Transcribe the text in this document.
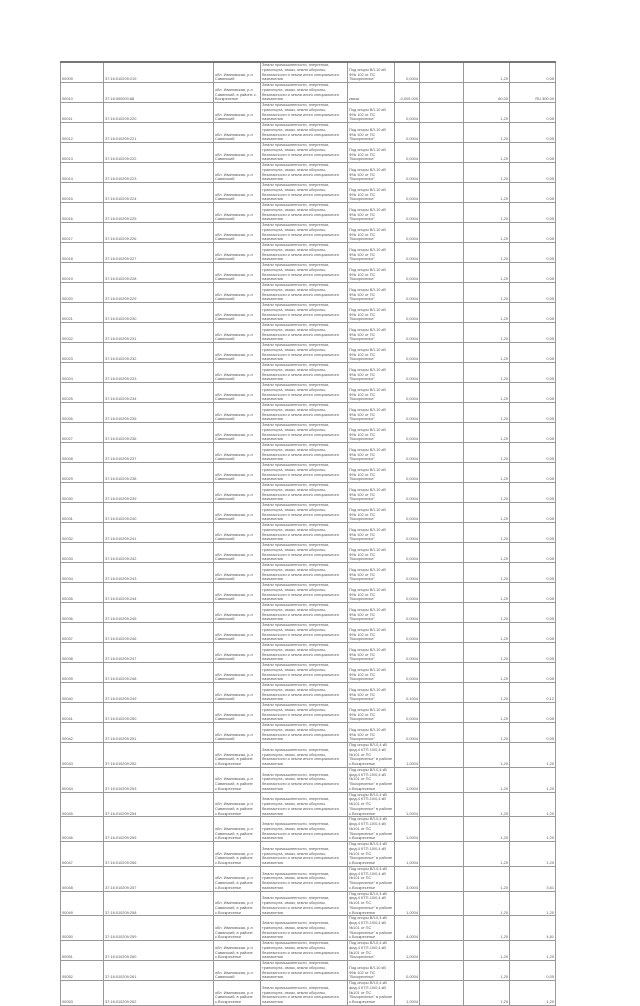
00009	37:16:010209:219	обл. Ивановская, р-н Савинский	Земли промышленности, энергетики, транспорта, связи, земли обороны, безопасности и земли иного специального назначения	Под опоры ВЛ-10 кВ Ф№ 102 от ПС "Воскресенье"	0,0004		1,20	0,05
00010	37:16:000000:88	обл. Ивановская, р-н Савинский, в районе с. Воскресенье	Земли промышленности, энергетики, транспорта, связи, земли обороны, безопасности и земли иного специального назначения	связи	-0,005 000		60,00	RU 300 00
00011	37:16:010209:220	обл. Ивановская, р-н Савинский	Земли промышленности, энергетики, транспорта, связи, земли обороны, безопасности и земли иного специального назначения	Под опоры ВЛ-10 кВ Ф№ 102 от ПС "Воскресенье"	0,0004		1,20	0,05
00012	37:16:010209:221	обл. Ивановская, р-н Савинский	Земли промышленности, энергетики, транспорта, связи, земли обороны, безопасности и земли иного специального назначения	Под опоры ВЛ-10 кВ Ф№ 102 от ПС "Воскресенье"	0,0004		1,20	0,05
00013	37:16:010209:222	обл. Ивановская, р-н Савинский	Земли промышленности, энергетики, транспорта, связи, земли обороны, безопасности и земли иного специального назначения	Под опоры ВЛ-10 кВ Ф№ 102 от ПС "Воскресенье"	0,0004		1,20	0,05
00014	37:16:010209:223	обл. Ивановская, р-н Савинский	Земли промышленности, энергетики, транспорта, связи, земли обороны, безопасности и земли иного специального назначения	Под опоры ВЛ-10 кВ Ф№ 102 от ПС "Воскресенье"	0,0004		1,20	0,05
00015	37:16:010209:224	обл. Ивановская, р-н Савинский	Земли промышленности, энергетики, транспорта, связи, земли обороны, безопасности и земли иного специального назначения	Под опоры ВЛ-10 кВ Ф№ 102 от ПС "Воскресенье"	0,0004		1,20	0,05
00016	37:16:010209:225	обл. Ивановская, р-н Савинский	Земли промышленности, энергетики, транспорта, связи, земли обороны, безопасности и земли иного специального назначения	Под опоры ВЛ-10 кВ Ф№ 102 от ПС "Воскресенье"	0,0004		1,20	0,05
00017	37:16:010209:226	обл. Ивановская, р-н Савинский	Земли промышленности, энергетики, транспорта, связи, земли обороны, безопасности и земли иного специального назначения	Под опоры ВЛ-10 кВ Ф№ 102 от ПС "Воскресенье"	0,0004		1,20	0,05
00018	37:16:010209:227	обл. Ивановская, р-н Савинский	Земли промышленности, энергетики, транспорта, связи, земли обороны, безопасности и земли иного специального назначения	Под опоры ВЛ-10 кВ Ф№ 102 от ПС "Воскресенье"	0,0004		1,20	0,05
00019	37:16:010209:228	обл. Ивановская, р-н Савинский	Земли промышленности, энергетики, транспорта, связи, земли обороны, безопасности и земли иного специального назначения	Под опоры ВЛ-10 кВ Ф№ 102 от ПС "Воскресенье"	0,0004		1,20	0,05
00020	37:16:010209:229	обл. Ивановская, р-н Савинский	Земли промышленности, энергетики, транспорта, связи, земли обороны, безопасности и земли иного специального назначения	Под опоры ВЛ-10 кВ Ф№ 102 от ПС "Воскресенье"	0,0004		1,20	0,05
00021	37:16:010209:230	обл. Ивановская, р-н Савинский	Земли промышленности, энергетики, транспорта, связи, земли обороны, безопасности и земли иного специального назначения	Под опоры ВЛ-10 кВ Ф№ 102 от ПС "Воскресенье"	0,0004		1,20	0,05
00022	37:16:010209:231	обл. Ивановская, р-н Савинский	Земли промышленности, энергетики, транспорта, связи, земли обороны, безопасности и земли иного специального назначения	Под опоры ВЛ-10 кВ Ф№ 102 от ПС "Воскресенье"	0,0004		1,20	0,05
00023	37:16:010209:232	обл. Ивановская, р-н Савинский	Земли промышленности, энергетики, транспорта, связи, земли обороны, безопасности и земли иного специального назначения	Под опоры ВЛ-10 кВ Ф№ 102 от ПС "Воскресенье"	0,0004		1,20	0,05
00024	37:16:010209:233	обл. Ивановская, р-н Савинский	Земли промышленности, энергетики, транспорта, связи, земли обороны, безопасности и земли иного специального назначения	Под опоры ВЛ-10 кВ Ф№ 102 от ПС "Воскресенье"	0,0004		1,20	0,05
00025	37:16:010209:234	обл. Ивановская, р-н Савинский	Земли промышленности, энергетики, транспорта, связи, земли обороны, безопасности и земли иного специального назначения	Под опоры ВЛ-10 кВ Ф№ 102 от ПС "Воскресенье"	0,0004		1,20	0,05
00026	37:16:010209:235	обл. Ивановская, р-н Савинский	Земли промышленности, энергетики, транспорта, связи, земли обороны, безопасности и земли иного специального назначения	Под опоры ВЛ-10 кВ Ф№ 102 от ПС "Воскресенье"	0,0004		1,20	0,05
00027	37:16:010209:236	обл. Ивановская, р-н Савинский	Земли промышленности, энергетики, транспорта, связи, земли обороны, безопасности и земли иного специального назначения	Под опоры ВЛ-10 кВ Ф№ 102 от ПС "Воскресенье"	0,0004		1,20	0,05
00028	37:16:010209:237	обл. Ивановская, р-н Савинский	Земли промышленности, энергетики, транспорта, связи, земли обороны, безопасности и земли иного специального назначения	Под опоры ВЛ-10 кВ Ф№ 102 от ПС "Воскресенье"	0,0004		1,20	0,05
00029	37:16:010209:238	обл. Ивановская, р-н Савинский	Земли промышленности, энергетики, транспорта, связи, земли обороны, безопасности и земли иного специального назначения	Под опоры ВЛ-10 кВ Ф№ 102 от ПС "Воскресенье"	0,0004		1,20	0,05
00030	37:16:010209:239	обл. Ивановская, р-н Савинский	Земли промышленности, энергетики, транспорта, связи, земли обороны, безопасности и земли иного специального назначения	Под опоры ВЛ-10 кВ Ф№ 102 от ПС "Воскресенье"	0,0004		1,20	0,05
00031	37:16:010209:240	обл. Ивановская, р-н Савинский	Земли промышленности, энергетики, транспорта, связи, земли обороны, безопасности и земли иного специального назначения	Под опоры ВЛ-10 кВ Ф№ 102 от ПС "Воскресенье"	0,0004		1,20	0,05
00032	37:16:010209:241	обл. Ивановская, р-н Савинский	Земли промышленности, энергетики, транспорта, связи, земли обороны, безопасности и земли иного специального назначения	Под опоры ВЛ-10 кВ Ф№ 102 от ПС "Воскресенье"	0,0004		1,20	0,05
00033	37:16:010209:242	обл. Ивановская, р-н Савинский	Земли промышленности, энергетики, транспорта, связи, земли обороны, безопасности и земли иного специального назначения	Под опоры ВЛ-10 кВ Ф№ 102 от ПС "Воскресенье"	0,0004		1,20	0,05
00034	37:16:010209:243	обл. Ивановская, р-н Савинский	Земли промышленности, энергетики, транспорта, связи, земли обороны, безопасности и земли иного специального назначения	Под опоры ВЛ-10 кВ Ф№ 102 от ПС "Воскресенье"	0,0004		1,20	0,05
00035	37:16:010209:244	обл. Ивановская, р-н Савинский	Земли промышленности, энергетики, транспорта, связи, земли обороны, безопасности и земли иного специального назначения	Под опоры ВЛ-10 кВ Ф№ 102 от ПС "Воскресенье"	0,0004		1,20	0,05
00036	37:16:010209:245	обл. Ивановская, р-н Савинский	Земли промышленности, энергетики, транспорта, связи, земли обороны, безопасности и земли иного специального назначения	Под опоры ВЛ-10 кВ Ф№ 102 от ПС "Воскресенье"	0,0004		1,20	0,05
00037	37:16:010209:246	обл. Ивановская, р-н Савинский	Земли промышленности, энергетики, транспорта, связи, земли обороны, безопасности и земли иного специального назначения	Под опоры ВЛ-10 кВ Ф№ 102 от ПС "Воскресенье"	0,0004		1,20	0,05
00038	37:16:010209:247	обл. Ивановская, р-н Савинский	Земли промышленности, энергетики, транспорта, связи, земли обороны, безопасности и земли иного специального назначения	Под опоры ВЛ-10 кВ Ф№ 102 от ПС "Воскресенье"	0,0004		1,20	0,05
00039	37:16:010209:248	обл. Ивановская, р-н Савинский	Земли промышленности, энергетики, транспорта, связи, земли обороны, безопасности и земли иного специального назначения	Под опоры ВЛ-10 кВ Ф№ 102 от ПС "Воскресенье"	0,0004		1,20	0,05
00040	37:16:010209:249	обл. Ивановская, р-н Савинский	Земли промышленности, энергетики, транспорта, связи, земли обороны, безопасности и земли иного специального назначения	Под опоры ВЛ-10 кВ Ф№ 102 от ПС "Воскресенье"	0,1004		1,20	0,12
00041	37:16:010209:250	обл. Ивановская, р-н Савинский	Земли промышленности, энергетики, транспорта, связи, земли обороны, безопасности и земли иного специального назначения	Под опоры ВЛ-10 кВ Ф№ 102 от ПС "Воскресенье"	0,0004		1,20	0,05
00042	37:16:010209:251	обл. Ивановская, р-н Савинский	Земли промышленности, энергетики, транспорта, связи, земли обороны, безопасности и земли иного специального назначения	Под опоры ВЛ-10 кВ Ф№ 102 от ПС "Воскресенье"	0,0004		1,20	0,05
00043	37:16:010209:252	обл. Ивановская, р-н Савинский, в районе с.Воскресенье	Земли промышленности, энергетики, транспорта, связи, земли обороны, безопасности и земли иного специального назначения	Под опоры ВЛ-0,4 кВ фид.4 КТП-10/0,4 кВ №101 от ПС "Воскресенье" в районе с.Воскресенье	1,0004		1,20	1,20
00044	37:16:010209:253	обл. Ивановская, р-н Савинский, в районе с.Воскресенье	Земли промышленности, энергетики, транспорта, связи, земли обороны, безопасности и земли иного специального назначения	Под опоры ВЛ-0,4 кВ фид.4 КТП-10/0,4 кВ №101 от ПС "Воскресенье" в районе с.Воскресенье	1,0004		1,20	1,20
00045	37:16:010209:254	обл. Ивановская, р-н Савинский, в районе с.Воскресенье	Земли промышленности, энергетики, транспорта, связи, земли обороны, безопасности и земли иного специального назначения	Под опоры ВЛ-0,4 кВ фид.4 КТП-10/0,4 кВ №101 от ПС "Воскресенье" в районе с.Воскресенье	1,0004		1,20	1,20
00046	37:16:010209:255	обл. Ивановская, р-н Савинский, в районе с.Воскресенье	Земли промышленности, энергетики, транспорта, связи, земли обороны, безопасности и земли иного специального назначения	Под опоры ВЛ-0,4 кВ фид.4 КТП-10/0,4 кВ №101 от ПС "Воскресенье" в районе с.Воскресенье	1,0004		1,20	1,20
00047	37:16:010209:256	обл. Ивановская, р-н Савинский, в районе с.Воскресенье	Земли промышленности, энергетики, транспорта, связи, земли обороны, безопасности и земли иного специального назначения	Под опоры ВЛ-0,4 кВ фид.4 КТП-10/0,4 кВ №101 от ПС "Воскресенье" в районе с.Воскресенье	1,0004		1,20	1,20
00048	37:16:010209:257	обл. Ивановская, р-н Савинский, в районе с.Воскресенье	Земли промышленности, энергетики, транспорта, связи, земли обороны, безопасности и земли иного специального назначения	Под опоры ВЛ-0,4 кВ фид.4 КТП-10/0,4 кВ №101 от ПС "Воскресенье" в районе с.Воскресенье	3,0004		1,20	3,61
00049	37:16:010209:258	обл. Ивановская, р-н Савинский, в районе с.Воскресенье	Земли промышленности, энергетики, транспорта, связи, земли обороны, безопасности и земли иного специального назначения	Под опоры ВЛ-0,4 кВ фид.4 КТП-10/0,4 кВ №101 от ПС "Воскресенье" в районе с.Воскресенье	1,0004		1,20	1,20
00050	37:16:010209:259	обл. Ивановская, р-н Савинский, в районе с.Воскресенье	Земли промышленности, энергетики, транспорта, связи, земли обороны, безопасности и земли иного специального назначения	Под опоры ВЛ-0,4 кВ фид.4 КТП-10/0,4 кВ №101 от ПС "Воскресенье" в районе с.Воскресенье	4,0004		1,20	4,81
00051	37:16:010209:260	обл. Ивановская, р-н Савинский, в районе с.Воскресенье	Земли промышленности, энергетики, транспорта, связи, земли обороны, безопасности и земли иного специального назначения	Под опоры ВЛ-0,4 кВ фид.4 КТП-10/0,4 кВ №101 от ПС "Воскресенье"	1,0004		1,20	1,20
00052	37:16:010209:261	обл. Ивановская, р-н Савинский	Земли промышленности, энергетики, транспорта, связи, земли обороны, безопасности и земли иного специального назначения	Под опоры ВЛ-10 кВ Ф№ 102 от ПС "Воскресенье"	0,0004		1,20	0,05
00053	37:16:010209:262	обл. Ивановская, р-н Савинский, в районе с.Воскресенье	Земли промышленности, энергетики, транспорта, связи, земли обороны, безопасности и земли иного специального назначения	Под опоры ВЛ-0,4 кВ фид.4 КТП-10/0,4 кВ №101 от ПС "Воскресенье" в районе с.Воскресенье	1,0004		1,20	1,20
